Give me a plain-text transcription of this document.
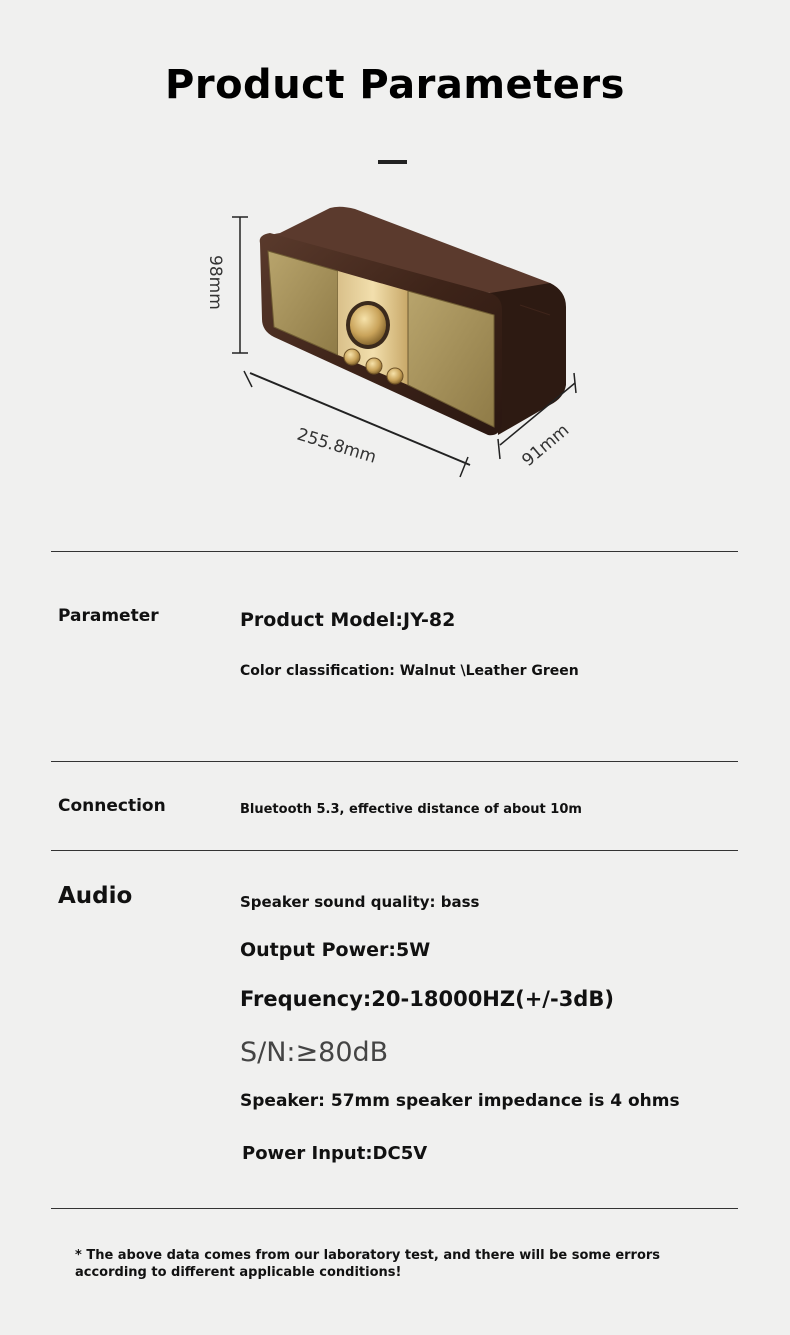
Product Parameters
98mm
255.8mm	91mm
Parameter	Product Model:JY-82
Color classification: Walnut \Leather Green
Connection	Bluetooth 5.3, effective distance of about 10m
Audio	Speaker sound quality: bass
Output Power:5W
Frequency:20-18000HZ(+/-3dB)
S/N:≥80dB
Speaker: 57mm speaker impedance is 4 ohms
Power Input:DC5V
* The above data comes from our laboratory test, and there will be some errors according to different applicable conditions!
